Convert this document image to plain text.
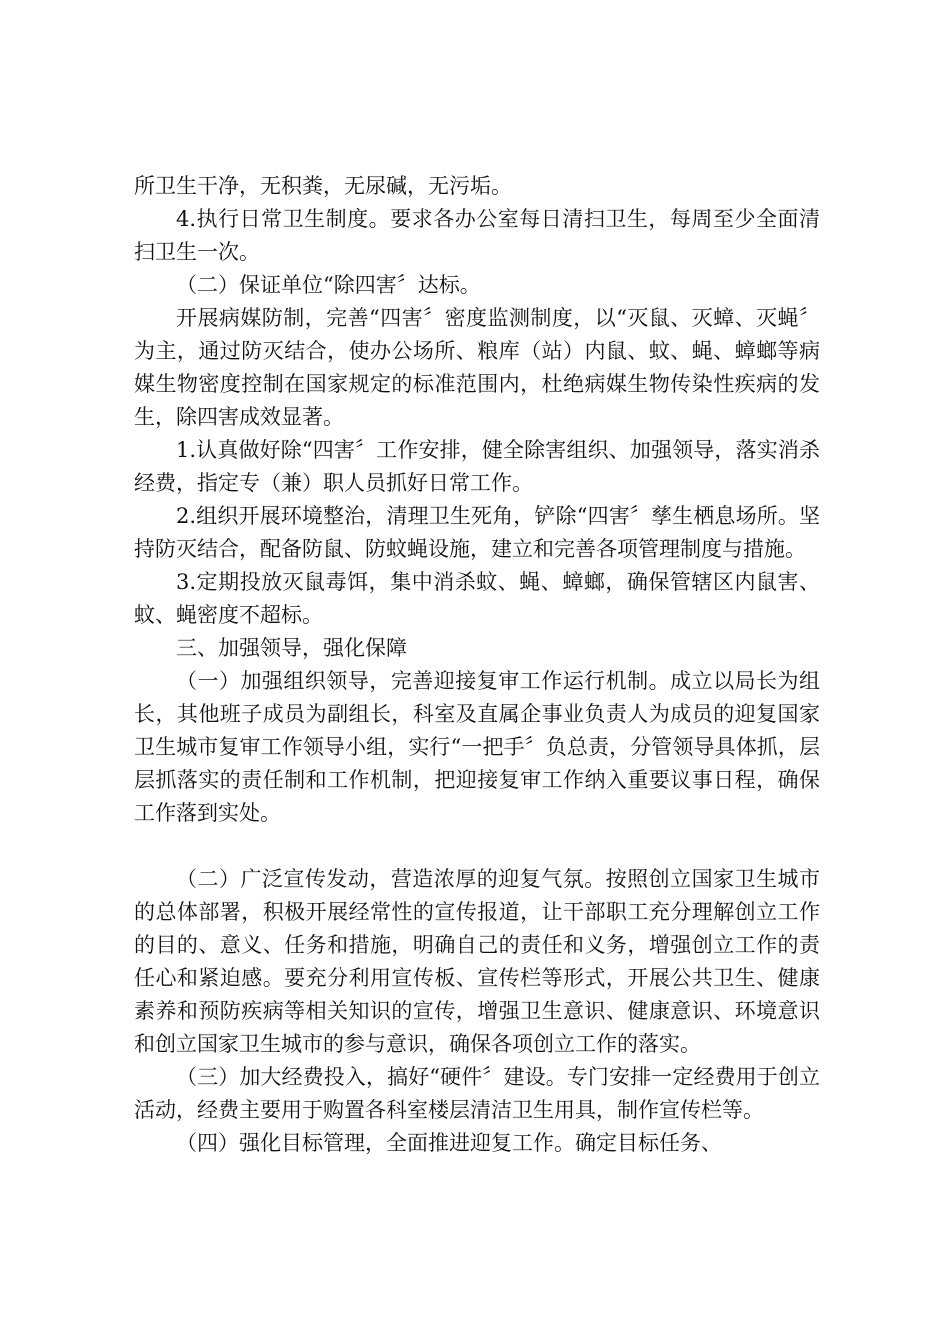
所卫生干净，无积粪，无尿碱，无污垢。

4.执行日常卫生制度。要求各办公室每日清扫卫生，每周至少全面清扫卫生一次。

（二）保证单位“除四害〞达标。

开展病媒防制，完善“四害〞密度监测制度，以“灭鼠、灭蟑、灭蝇〞为主，通过防灭结合，使办公场所、粮库（站）内鼠、蚊、蝇、蟑螂等病媒生物密度控制在国家规定的标准范围内，杜绝病媒生物传染性疾病的发生，除四害成效显著。

1.认真做好除“四害〞工作安排，健全除害组织、加强领导，落实消杀经费，指定专（兼）职人员抓好日常工作。

2.组织开展环境整治，清理卫生死角，铲除“四害〞孳生栖息场所。坚持防灭结合，配备防鼠、防蚊蝇设施，建立和完善各项管理制度与措施。

3.定期投放灭鼠毒饵，集中消杀蚊、蝇、蟑螂，确保管辖区内鼠害、蚊、蝇密度不超标。

三、加强领导，强化保障

（一）加强组织领导，完善迎接复审工作运行机制。成立以局长为组长，其他班子成员为副组长，科室及直属企事业负责人为成员的迎复国家卫生城市复审工作领导小组，实行“一把手〞负总责，分管领导具体抓，层层抓落实的责任制和工作机制，把迎接复审工作纳入重要议事日程，确保工作落到实处。

（二）广泛宣传发动，营造浓厚的迎复气氛。按照创立国家卫生城市的总体部署，积极开展经常性的宣传报道，让干部职工充分理解创立工作的目的、意义、任务和措施，明确自己的责任和义务，增强创立工作的责任心和紧迫感。要充分利用宣传板、宣传栏等形式，开展公共卫生、健康素养和预防疾病等相关知识的宣传，增强卫生意识、健康意识、环境意识和创立国家卫生城市的参与意识，确保各项创立工作的落实。

（三）加大经费投入，搞好“硬件〞建设。专门安排一定经费用于创立活动，经费主要用于购置各科室楼层清洁卫生用具，制作宣传栏等。

（四）强化目标管理，全面推进迎复工作。确定目标任务、
